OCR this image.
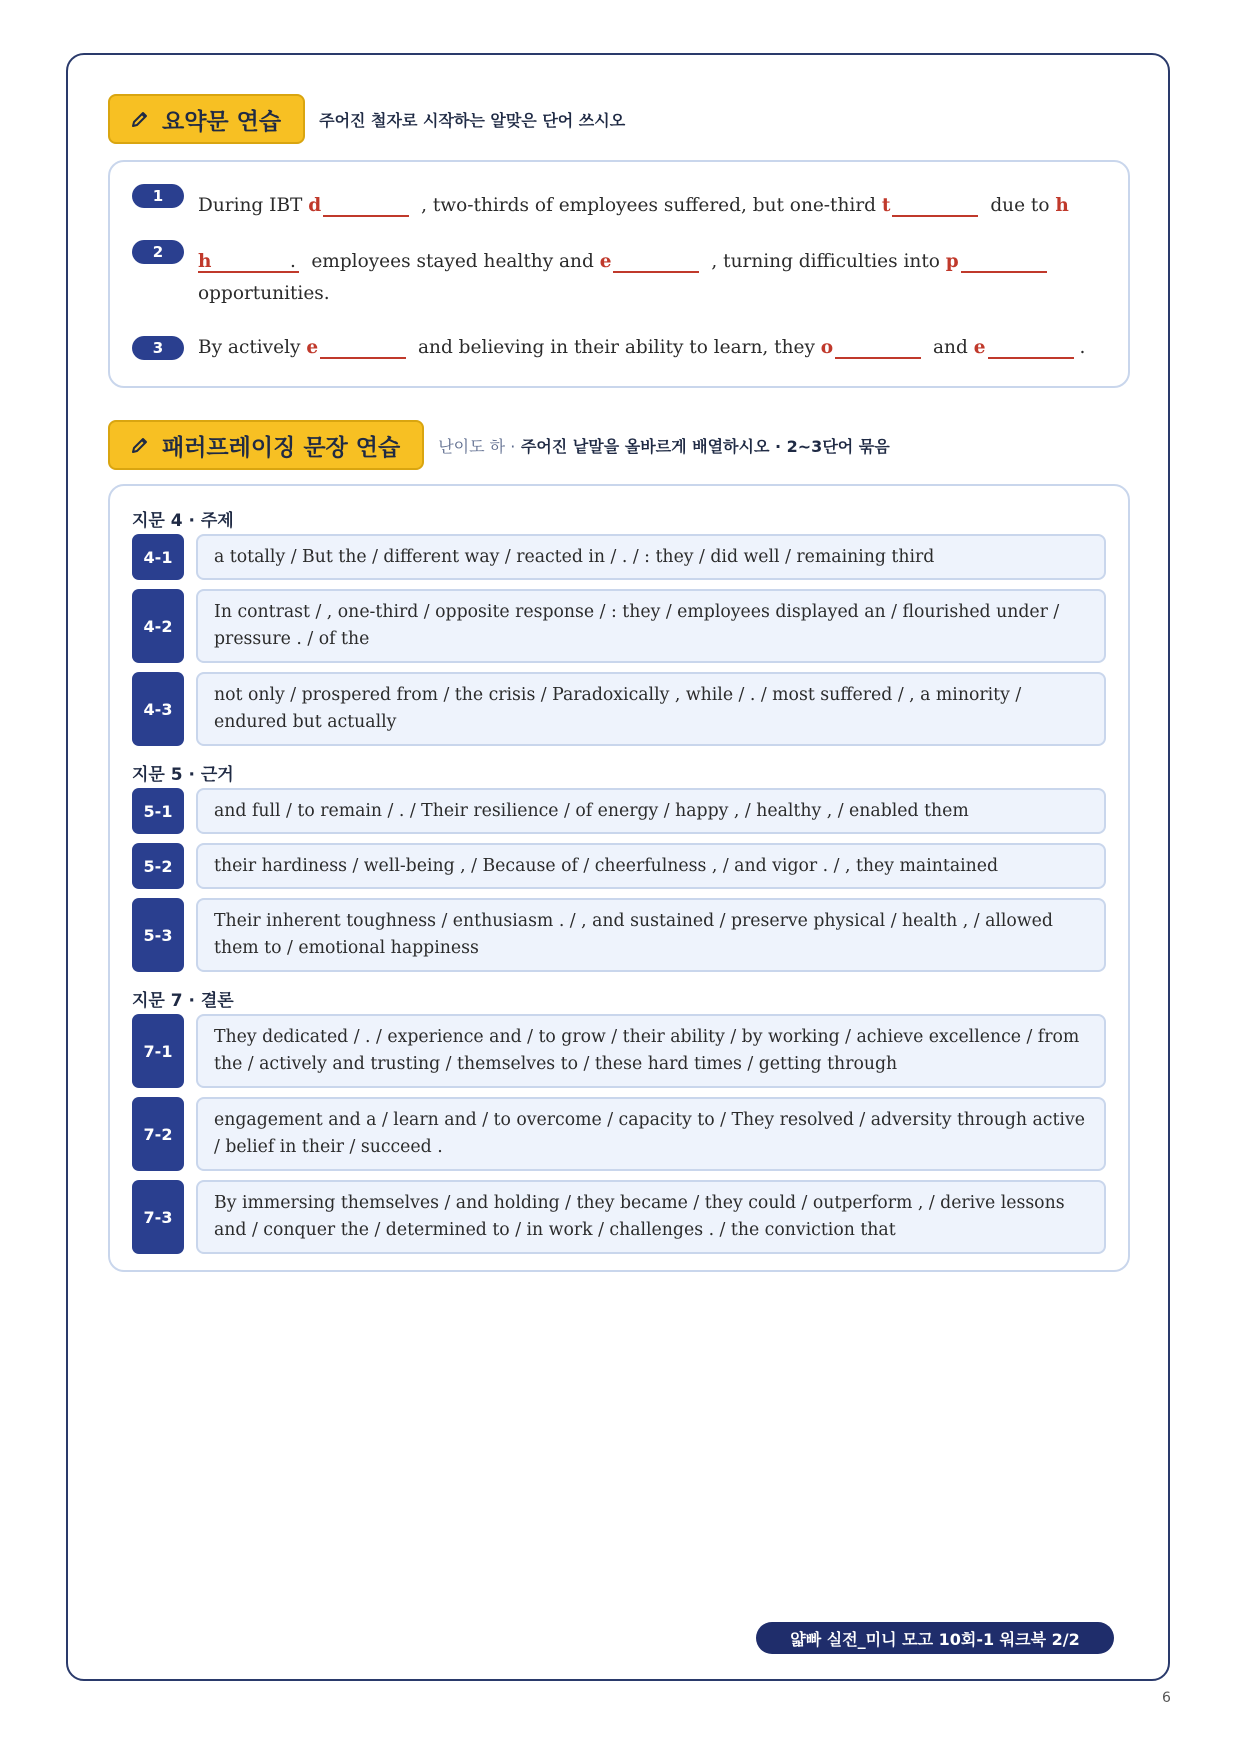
요약문 연습 주어진 철자로 시작하는 알맞은 단어 쓰시오
1	During IBT d	, two-thirds of employees suffered, but one-third t	due to h.
2	h	employees stayed healthy and e	, turning difficulties into p
opportunities.
3	By actively e	and believing in their ability to learn, they o	and e	.
패러프레이징 문장 연습 난이도 하 · 주어진 낱말을 올바르게 배열하시오 · 2~3단어 묶음
지문 4 · 주제
4-1	a totally / But the / different way / reacted in / . / : they / did well / remaining third
4-2
In contrast / , one-third / opposite response / : they / employees displayed an / flourished under / pressure . / of the
4-3
not only / prospered from / the crisis / Paradoxically , while / . / most suffered / , a minority / endured but actually
지문 5 · 근거
5-1	and full / to remain / . / Their resilience / of energy / happy , / healthy , / enabled them
5-2	their hardiness / well-being , / Because of / cheerfulness , / and vigor . / , they maintained
5-3
Their inherent toughness / enthusiasm . / , and sustained / preserve physical / health , / allowed them to / emotional happiness
지문 7 · 결론
7-1
They dedicated / . / experience and / to grow / their ability / by working / achieve excellence / from the / actively and trusting / themselves to / these hard times / getting through
7-2
engagement and a / learn and / to overcome / capacity to / They resolved / adversity through active / belief in their / succeed .
7-3
By immersing themselves / and holding / they became / they could / outperform , / derive lessons and / conquer the / determined to / in work / challenges . / the conviction that
얇빠 실전_미니 모고 10회-1 워크북 2/2
6
